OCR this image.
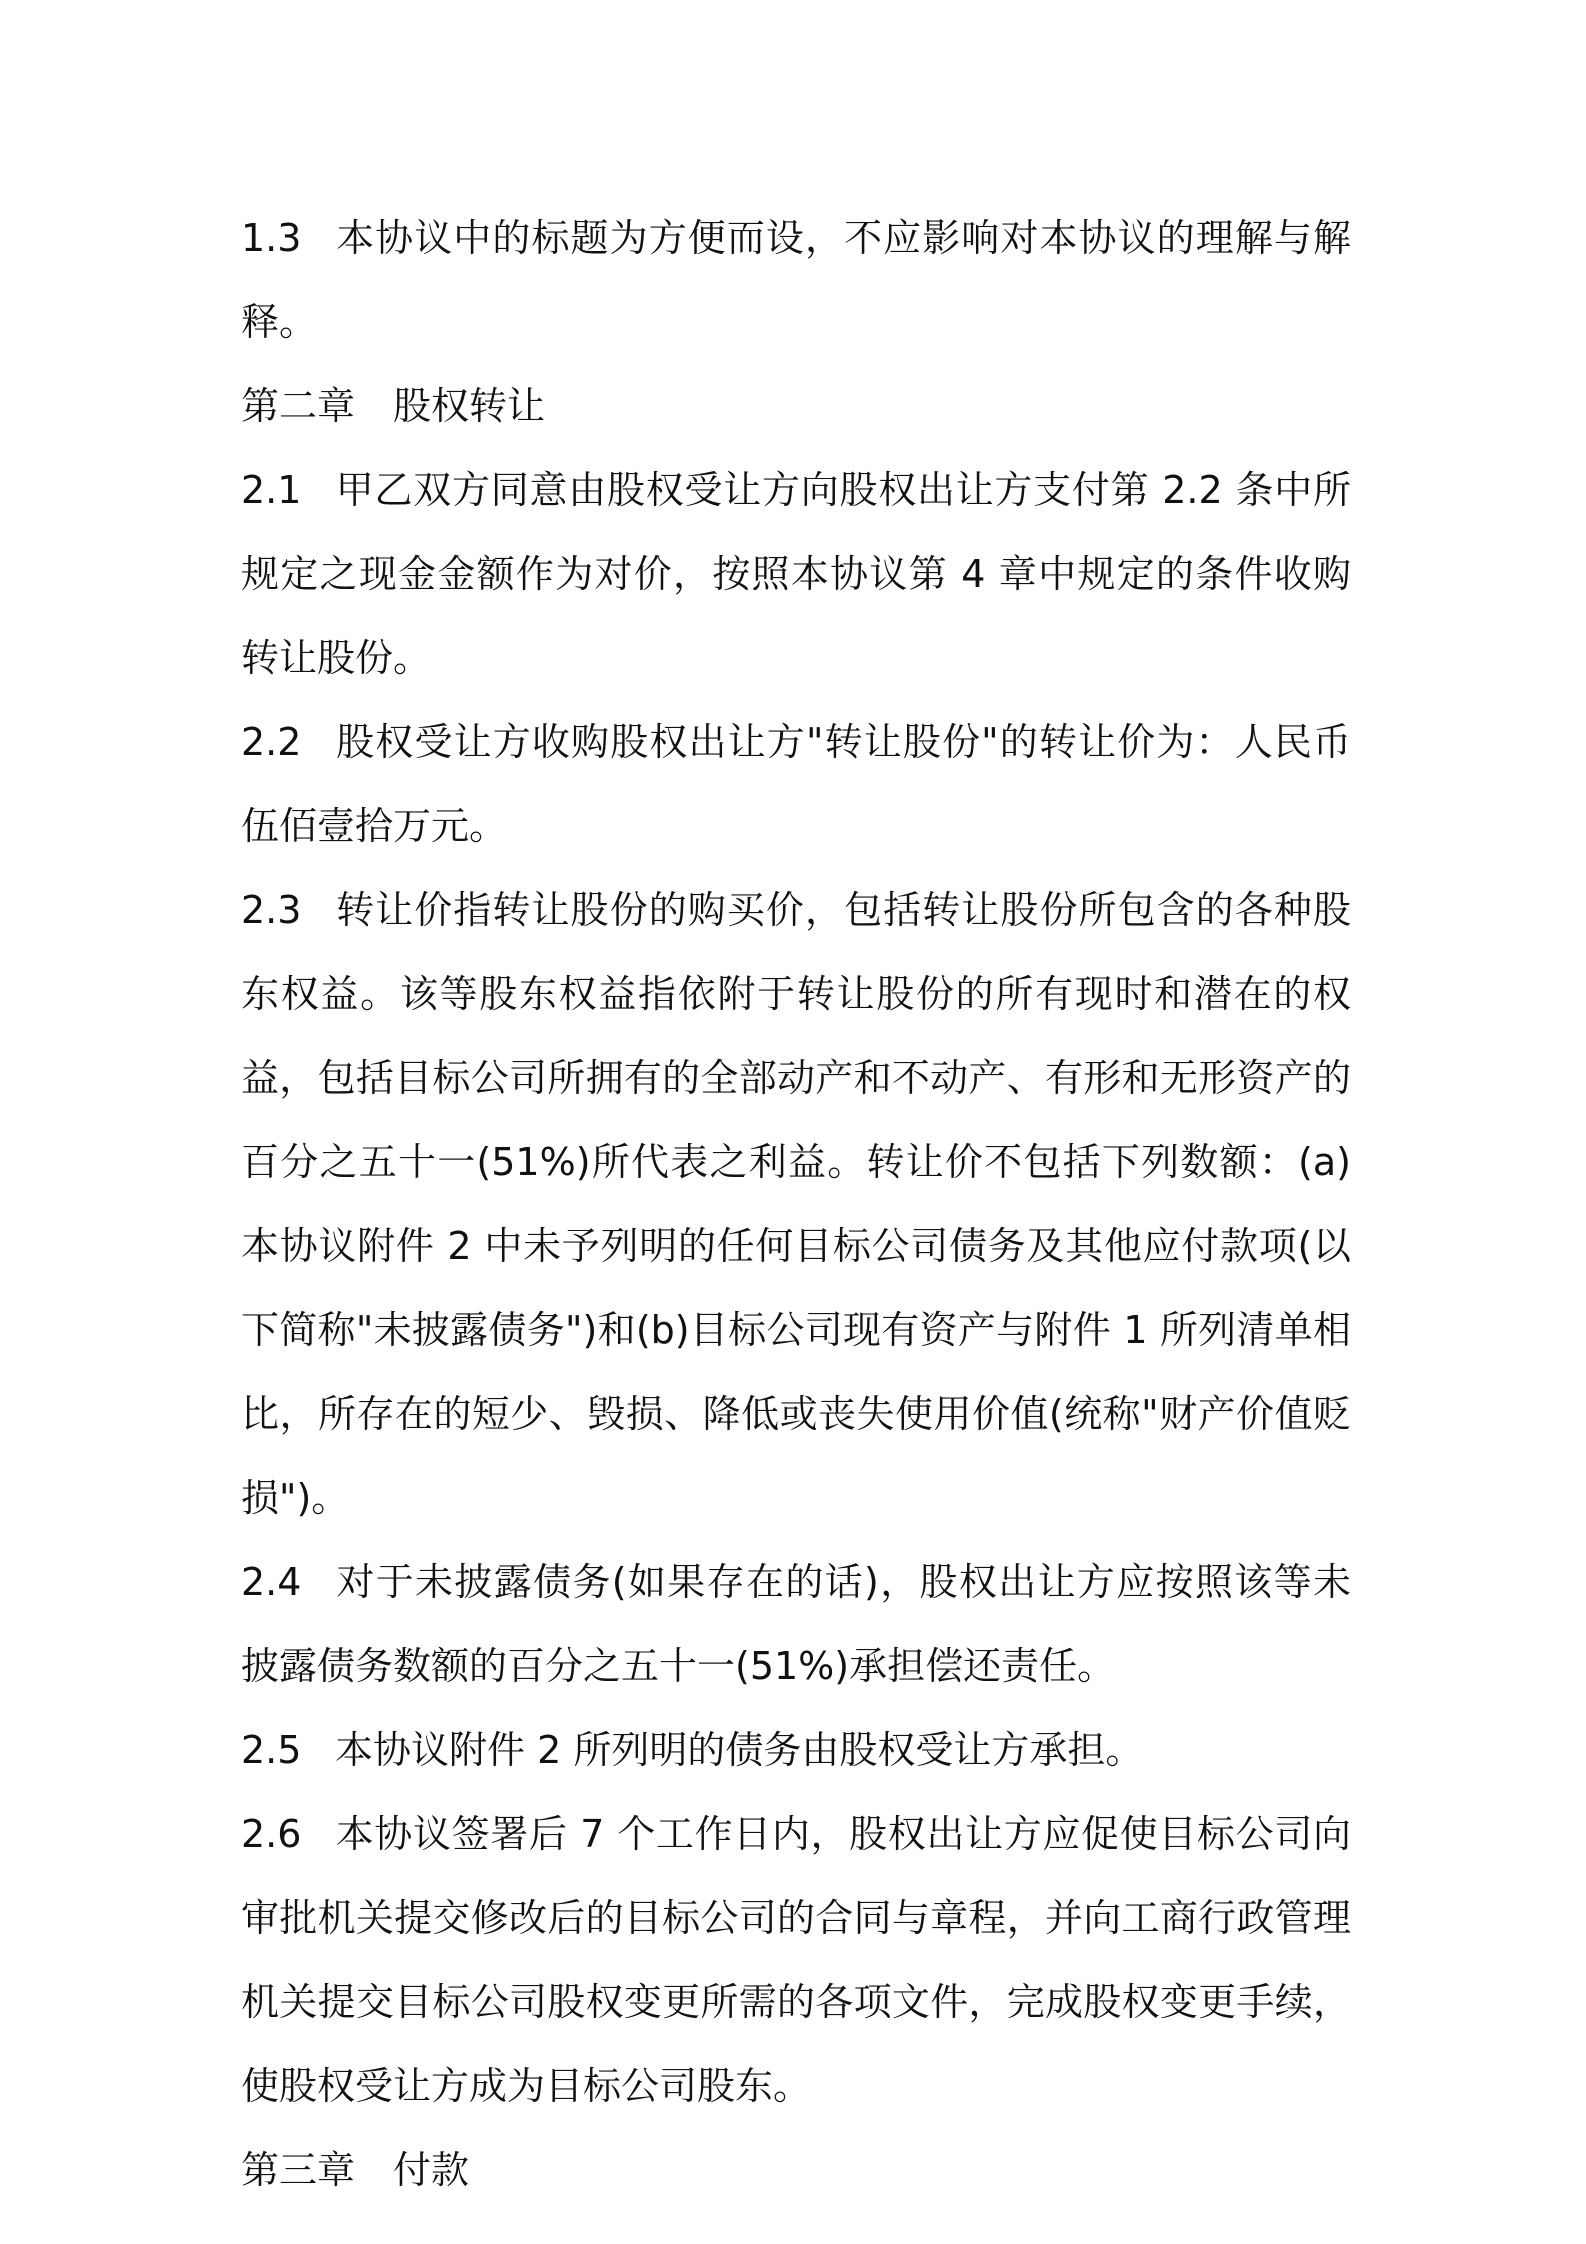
1.3 本协议中的标题为方便而设，不应影响对本协议的理解与解释。

第二章 股权转让

2.1 甲乙双方同意由股权受让方向股权出让方支付第 2.2 条中所规定之现金金额作为对价，按照本协议第 4 章中规定的条件收购转让股份。

2.2 股权受让方收购股权出让方"转让股份"的转让价为：人民币伍佰壹拾万元。

2.3 转让价指转让股份的购买价，包括转让股份所包含的各种股东权益。该等股东权益指依附于转让股份的所有现时和潜在的权益，包括目标公司所拥有的全部动产和不动产、有形和无形资产的百分之五十一(51%)所代表之利益。转让价不包括下列数额：(a)本协议附件 2 中未予列明的任何目标公司债务及其他应付款项(以下简称"未披露债务")和(b)目标公司现有资产与附件 1 所列清单相比，所存在的短少、毁损、降低或丧失使用价值(统称"财产价值贬损")。

2.4 对于未披露债务(如果存在的话)，股权出让方应按照该等未披露债务数额的百分之五十一(51%)承担偿还责任。

2.5 本协议附件 2 所列明的债务由股权受让方承担。

2.6 本协议签署后 7 个工作日内，股权出让方应促使目标公司向审批机关提交修改后的目标公司的合同与章程，并向工商行政管理机关提交目标公司股权变更所需的各项文件，完成股权变更手续，使股权受让方成为目标公司股东。

第三章 付款
